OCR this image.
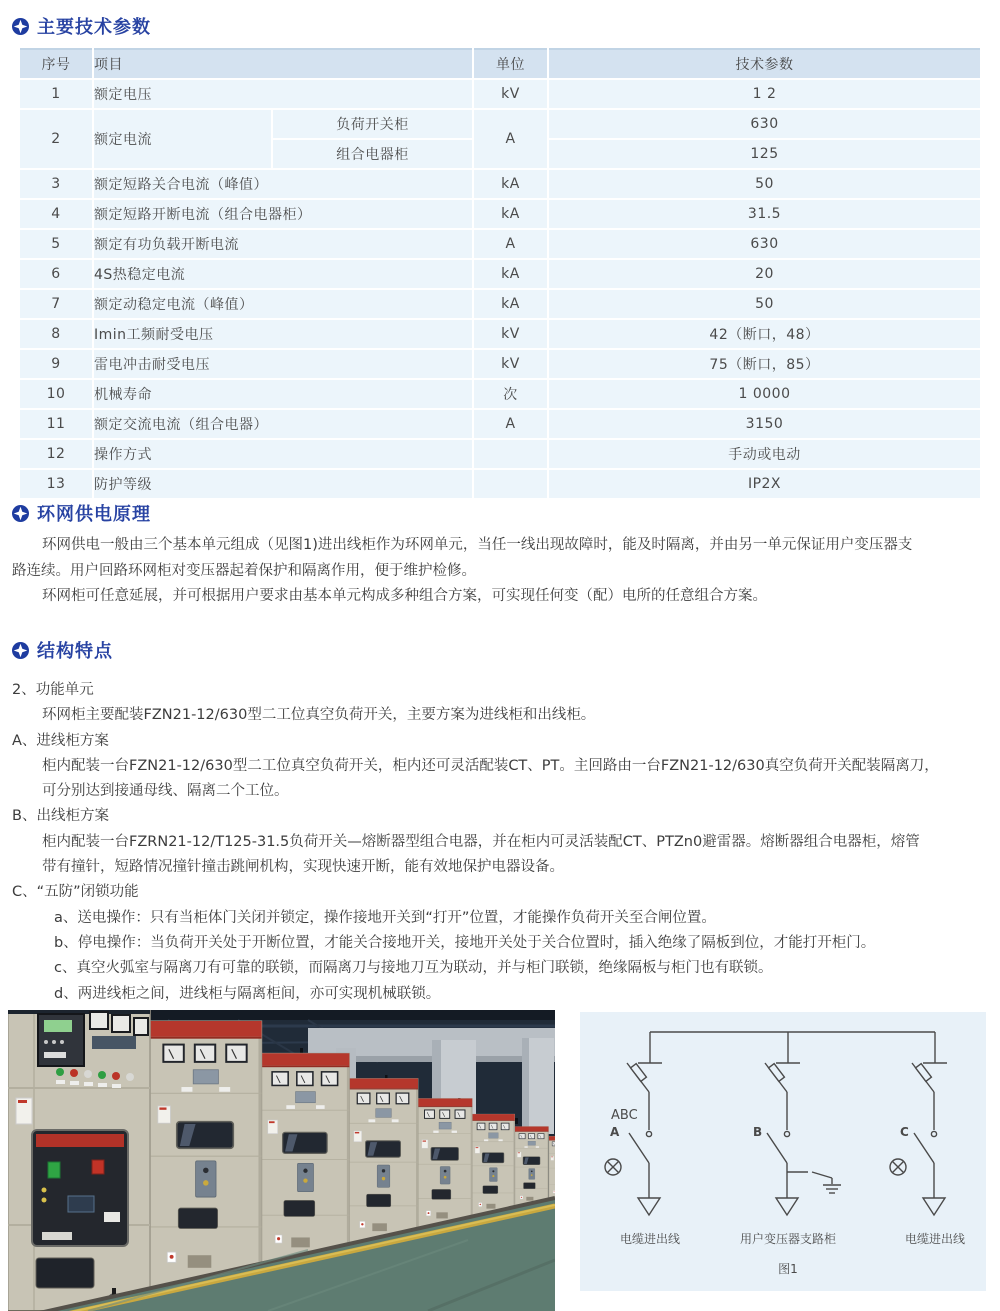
主要技术参数
序号	项目		单位	技术参数
1	额定电压		kV	1 2
2	额定电流	负荷开关柜	A	630
		组合电器柜		125
3	额定短路关合电流（峰值）		kA	50
4	额定短路开断电流（组合电器柜）		kA	31.5
5	额定有功负载开断电流		A	630
6	4S热稳定电流		kA	20
7	额定动稳定电流（峰值）		kA	50
8	Imin工频耐受电压		kV	42（断口，48）
9	雷电冲击耐受电压		kV	75（断口，85）
10	机械寿命		次	1 0000
11	额定交流电流（组合电器）		A	3150
12	操作方式			手动或电动
13	防护等级			IP2X
环网供电原理
环网供电一般由三个基本单元组成（见图1)进出线柜作为环网单元，当任一线出现故障时，能及时隔离，并由另一单元保证用户变压器支
路连续。用户回路环网柜对变压器起着保护和隔离作用，便于维护检修。
环网柜可任意延展，并可根据用户要求由基本单元构成多种组合方案，可实现任何变（配）电所的任意组合方案。
结构特点
2、功能单元
环网柜主要配装FZN21-12/630型二工位真空负荷开关，主要方案为进线柜和出线柜。
A、进线柜方案
柜内配装一台FZN21-12/630型二工位真空负荷开关，柜内还可灵活配装CT、PT。主回路由一台FZN21-12/630真空负荷开关配装隔离刀，
可分别达到接通母线、隔离二个工位。
B、出线柜方案
柜内配装一台FZRN21-12/T125-31.5负荷开关—熔断器型组合电器，并在柜内可灵活装配CT、PTZn0避雷器。熔断器组合电器柜，熔管
带有撞针，短路情况撞针撞击跳闸机构，实现快速开断，能有效地保护电器设备。
C、“五防”闭锁功能
a、送电操作：只有当柜体门关闭并锁定，操作接地开关到“打开”位置，才能操作负荷开关至合闸位置。
b、停电操作：当负荷开关处于开断位置，才能关合接地开关，接地开关处于关合位置时，插入绝缘了隔板到位，才能打开柜门。
c、真空火弧室与隔离刀有可靠的联锁，而隔离刀与接地刀互为联动，并与柜门联锁，绝缘隔板与柜门也有联锁。
d、两进线柜之间，进线柜与隔离柜间，亦可实现机械联锁。
ABC
A	B	C
电缆进出线	用户变压器支路柜	电缆进出线
图1
